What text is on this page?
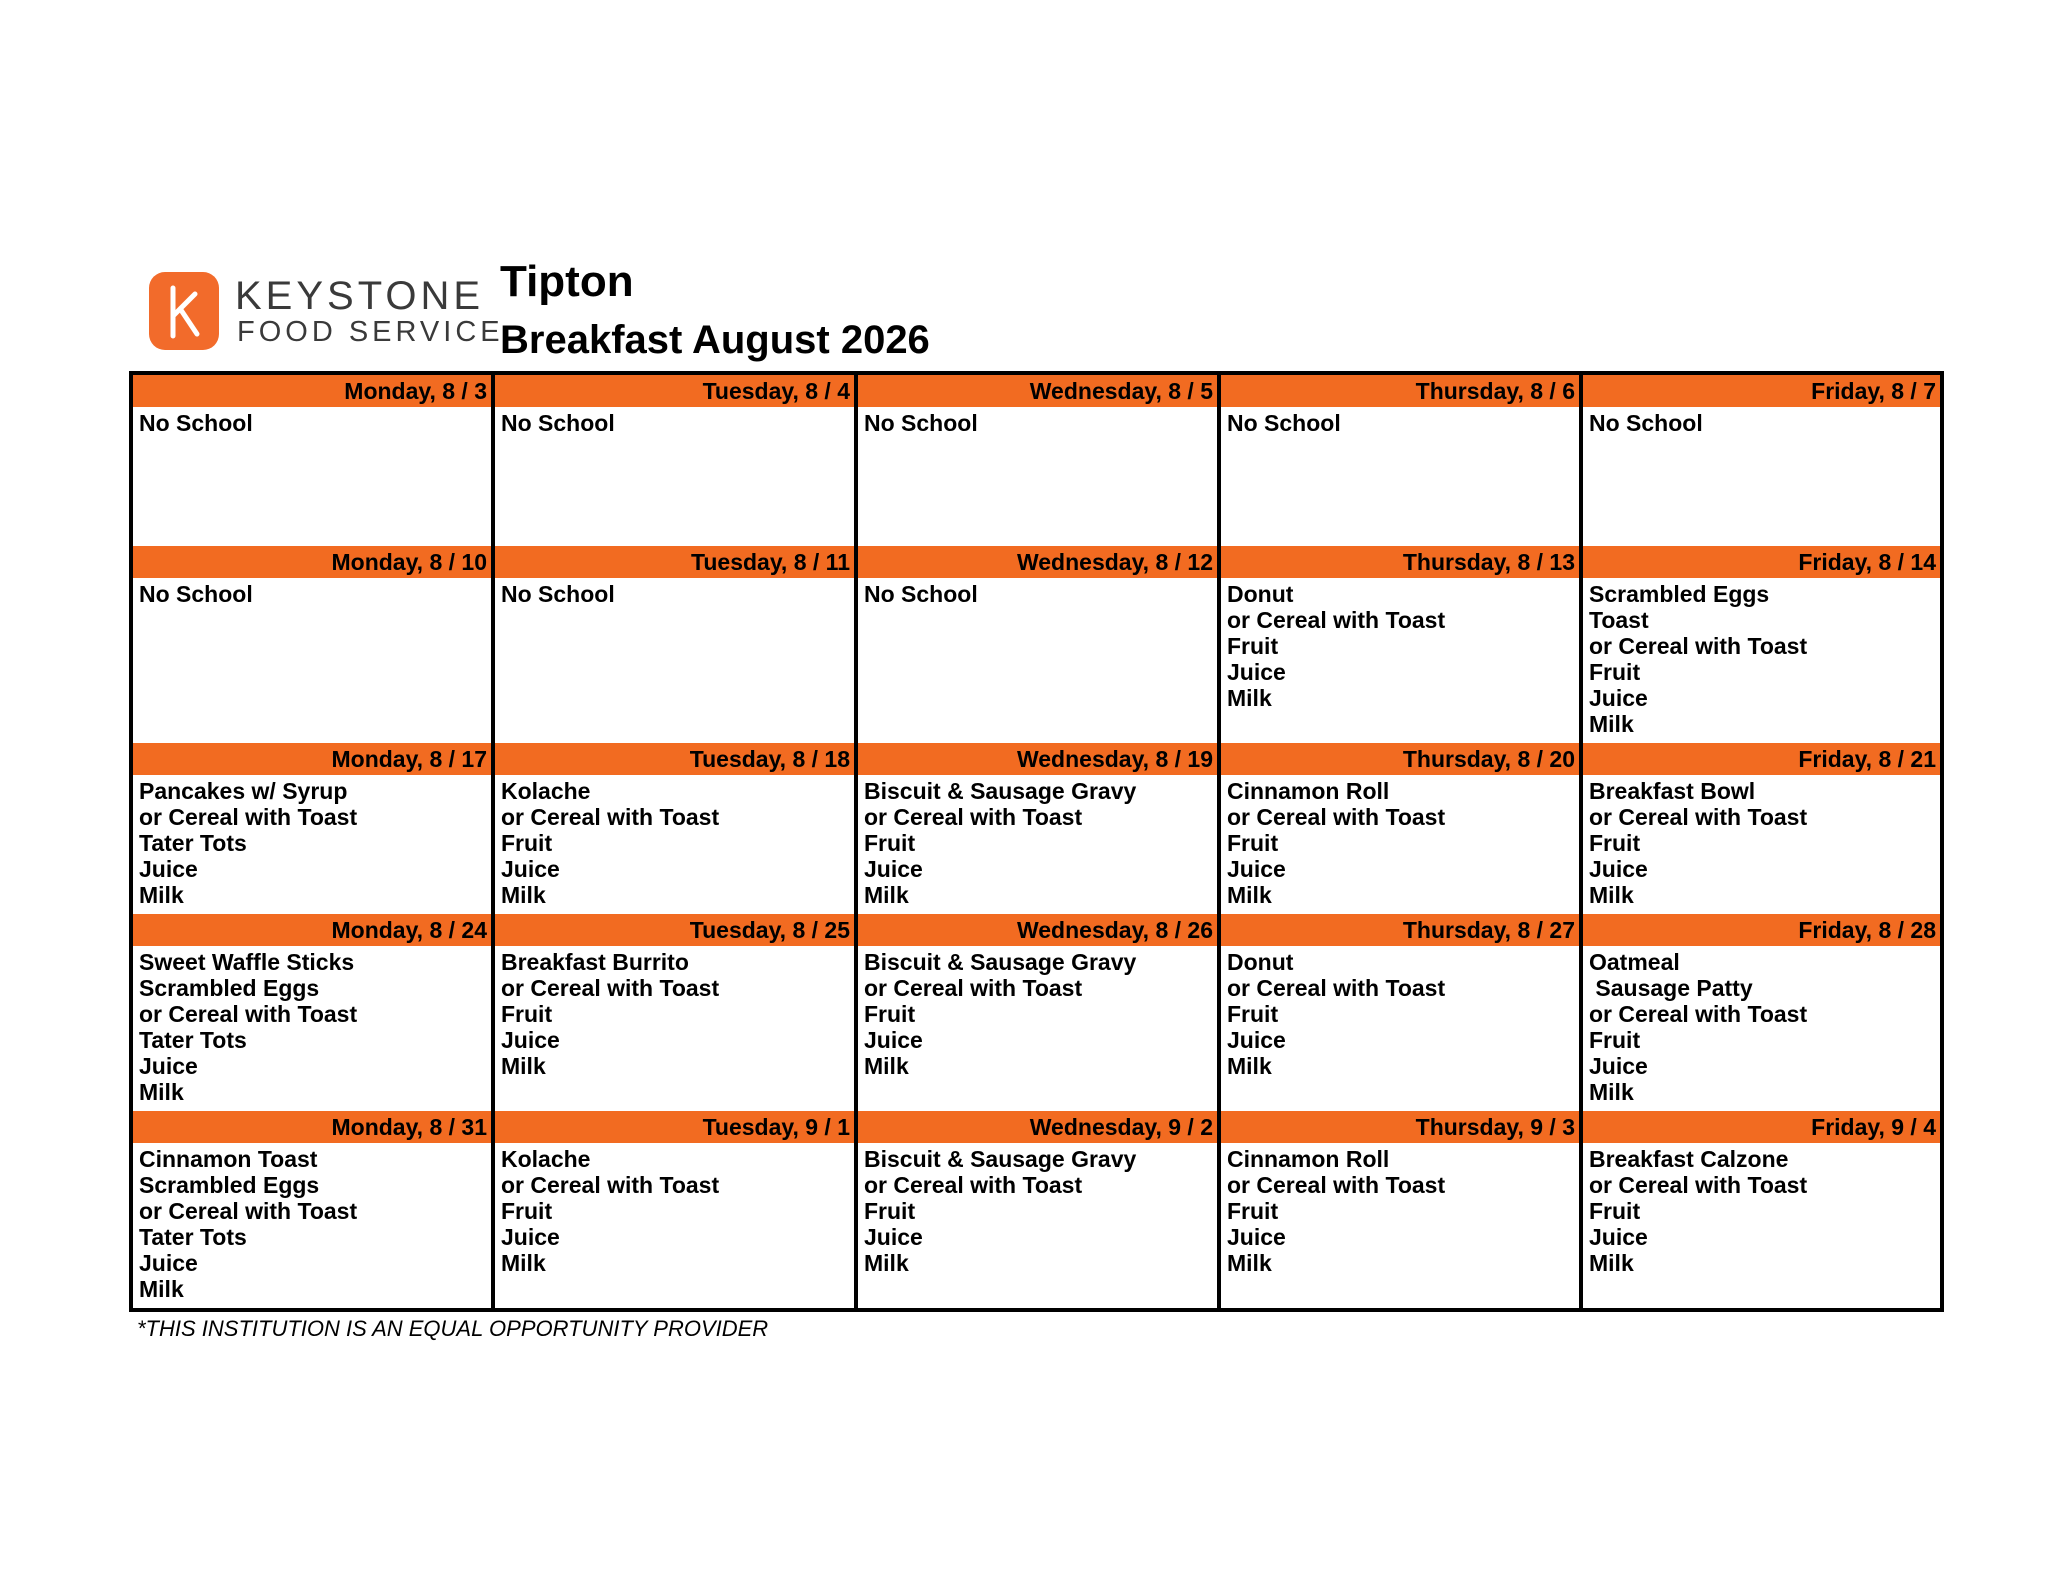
KEYSTONE
FOOD SERVICE
Tipton
Breakfast August 2026
Monday, 8 / 3
No School
Tuesday, 8 / 4
No School
Wednesday, 8 / 5
No School
Thursday, 8 / 6
No School
Friday, 8 / 7
No School
Monday, 8 / 10
No School
Tuesday, 8 / 11
No School
Wednesday, 8 / 12
No School
Thursday, 8 / 13
Donut
or Cereal with Toast
Fruit
Juice
Milk
Friday, 8 / 14
Scrambled Eggs
Toast
or Cereal with Toast
Fruit
Juice
Milk
Monday, 8 / 17
Pancakes w/ Syrup
or Cereal with Toast
Tater Tots
Juice
Milk
Tuesday, 8 / 18
Kolache
or Cereal with Toast
Fruit
Juice
Milk
Wednesday, 8 / 19
Biscuit & Sausage Gravy
or Cereal with Toast
Fruit
Juice
Milk
Thursday, 8 / 20
Cinnamon Roll
or Cereal with Toast
Fruit
Juice
Milk
Friday, 8 / 21
Breakfast Bowl
or Cereal with Toast
Fruit
Juice
Milk
Monday, 8 / 24
Sweet Waffle Sticks
Scrambled Eggs
or Cereal with Toast
Tater Tots
Juice
Milk
Tuesday, 8 / 25
Breakfast Burrito
or Cereal with Toast
Fruit
Juice
Milk
Wednesday, 8 / 26
Biscuit & Sausage Gravy
or Cereal with Toast
Fruit
Juice
Milk
Thursday, 8 / 27
Donut
or Cereal with Toast
Fruit
Juice
Milk
Friday, 8 / 28
Oatmeal
Sausage Patty
or Cereal with Toast
Fruit
Juice
Milk
Monday, 8 / 31
Cinnamon Toast
Scrambled Eggs
or Cereal with Toast
Tater Tots
Juice
Milk
Tuesday, 9 / 1
Kolache
or Cereal with Toast
Fruit
Juice
Milk
Wednesday, 9 / 2
Biscuit & Sausage Gravy
or Cereal with Toast
Fruit
Juice
Milk
Thursday, 9 / 3
Cinnamon Roll
or Cereal with Toast
Fruit
Juice
Milk
Friday, 9 / 4
Breakfast Calzone
or Cereal with Toast
Fruit
Juice
Milk
*THIS INSTITUTION IS AN EQUAL OPPORTUNITY PROVIDER
